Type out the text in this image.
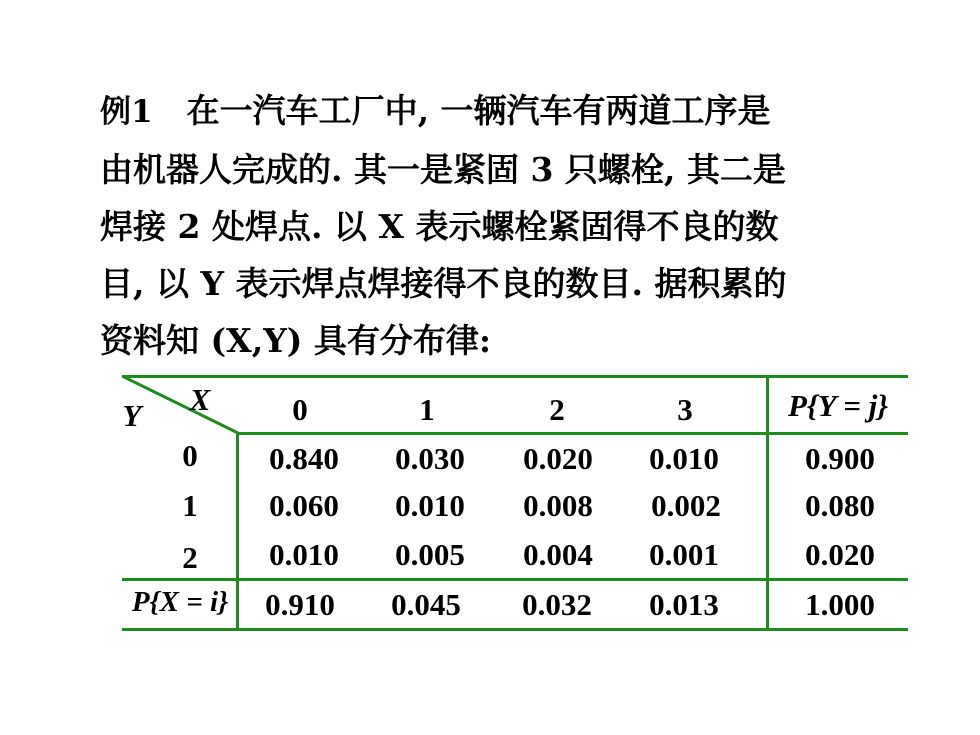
例1 在一汽车工厂中, 一辆汽车有两道工序是
由机器人完成的. 其一是紧固 3 只螺栓, 其二是
焊接 2 处焊点. 以 X 表示螺栓紧固得不良的数
目, 以 Y 表示焊点焊接得不良的数目. 据积累的
资料知 (X,Y) 具有分布律:
X
Y	0	1	2	3	P{Y = j}
0	0.840	0.030	0.020	0.010	0.900
1	0.060	0.010	0.008	0.002	0.080
2	0.010	0.005	0.004	0.001	0.020
P{X = i}	0.910	0.045	0.032	0.013	1.000
